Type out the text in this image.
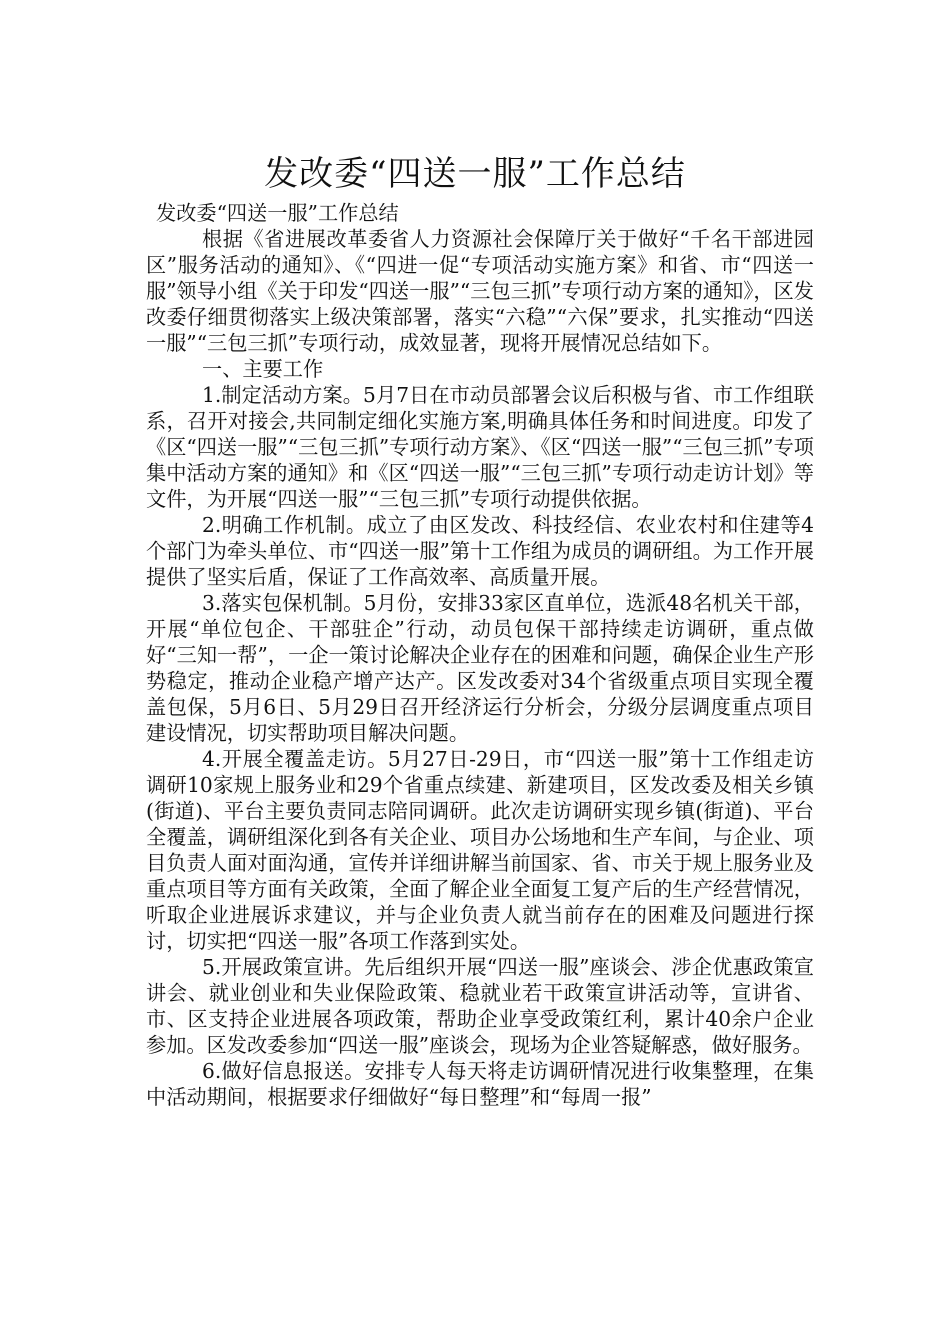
发改委“四送一服”工作总结

发改委“四送一服”工作总结

根据《省进展改革委省人力资源社会保障厅关于做好“千名干部进园区”服务活动的通知》、《“四进一促“专项活动实施方案》和省、市“四送一服”领导小组《关于印发“四送一服”“三包三抓”专项行动方案的通知》，区发改委仔细贯彻落实上级决策部署，落实“六稳”“六保”要求，扎实推动“四送一服”“三包三抓”专项行动，成效显著，现将开展情况总结如下。

一、主要工作

1.制定活动方案。5月7日在市动员部署会议后积极与省、市工作组联系，召开对接会,共同制定细化实施方案,明确具体任务和时间进度。印发了《区“四送一服”“三包三抓”专项行动方案》、《区“四送一服”“三包三抓”专项集中活动方案的通知》和《区“四送一服”“三包三抓”专项行动走访计划》等文件，为开展“四送一服”“三包三抓”专项行动提供依据。

2.明确工作机制。成立了由区发改、科技经信、农业农村和住建等4个部门为牵头单位、市“四送一服”第十工作组为成员的调研组。为工作开展提供了坚实后盾，保证了工作高效率、高质量开展。

3.落实包保机制。5月份，安排33家区直单位，选派48名机关干部，开展“单位包企、干部驻企”行动，动员包保干部持续走访调研，重点做好“三知一帮”，一企一策讨论解决企业存在的困难和问题，确保企业生产形势稳定，推动企业稳产增产达产。区发改委对34个省级重点项目实现全覆盖包保，5月6日、5月29日召开经济运行分析会，分级分层调度重点项目建设情况，切实帮助项目解决问题。

4.开展全覆盖走访。5月27日-29日，市“四送一服”第十工作组走访调研10家规上服务业和29个省重点续建、新建项目，区发改委及相关乡镇(街道)、平台主要负责同志陪同调研。此次走访调研实现乡镇(街道)、平台全覆盖，调研组深化到各有关企业、项目办公场地和生产车间，与企业、项目负责人面对面沟通，宣传并详细讲解当前国家、省、市关于规上服务业及重点项目等方面有关政策，全面了解企业全面复工复产后的生产经营情况，听取企业进展诉求建议，并与企业负责人就当前存在的困难及问题进行探讨，切实把“四送一服”各项工作落到实处。

5.开展政策宣讲。先后组织开展“四送一服”座谈会、涉企优惠政策宣讲会、就业创业和失业保险政策、稳就业若干政策宣讲活动等，宣讲省、市、区支持企业进展各项政策，帮助企业享受政策红利，累计40余户企业参加。区发改委参加“四送一服”座谈会，现场为企业答疑解惑，做好服务。

6.做好信息报送。安排专人每天将走访调研情况进行收集整理，在集中活动期间，根据要求仔细做好“每日整理”和“每周一报”
